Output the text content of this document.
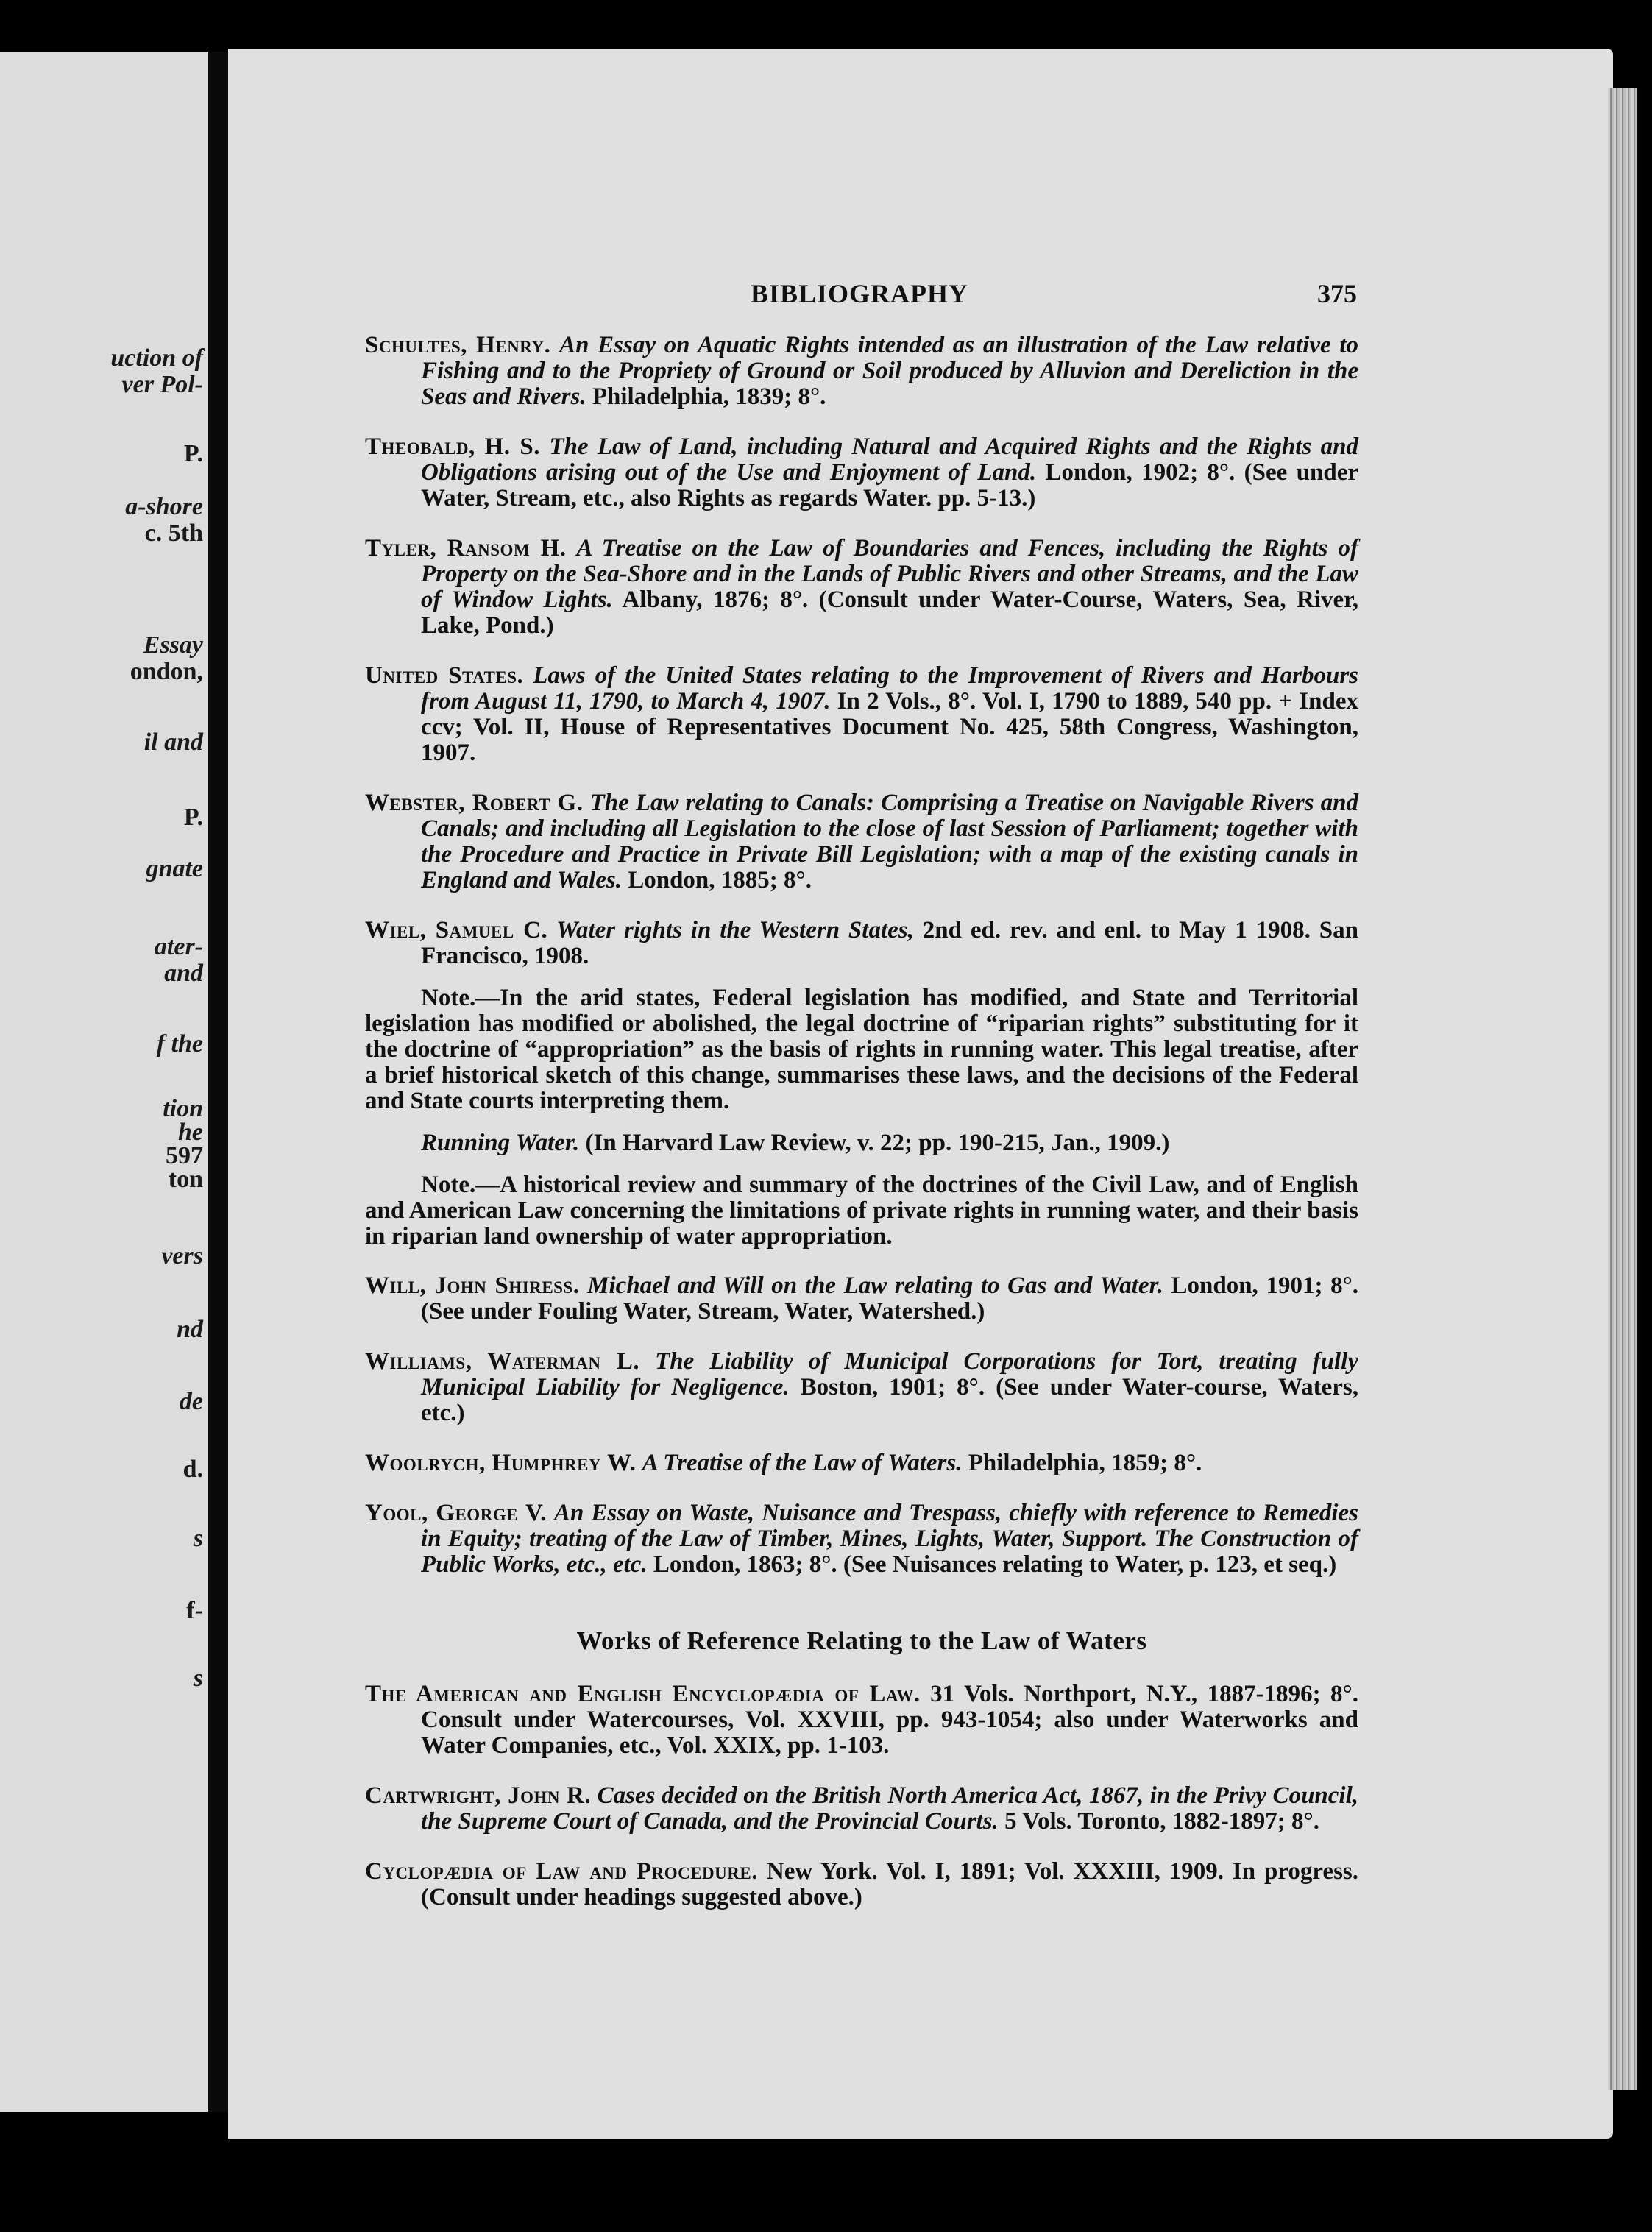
uction of
ver Pol-
P.
a-shore
c. 5th
Essay
ondon,
il and
P.
gnate
ater-
and
f the
tion
he
597
ton
vers
nd
de
d.
s
f-
s
BIBLIOGRAPHY	375

Schultes, Henry. An Essay on Aquatic Rights intended as an illustration of the Law relative to Fishing and to the Propriety of Ground or Soil produced by Alluvion and Dereliction in the Seas and Rivers. Philadelphia, 1839; 8°.

Theobald, H. S. The Law of Land, including Natural and Acquired Rights and the Rights and Obligations arising out of the Use and Enjoyment of Land. London, 1902; 8°. (See under Water, Stream, etc., also Rights as regards Water. pp. 5-13.)

Tyler, Ransom H. A Treatise on the Law of Boundaries and Fences, including the Rights of Property on the Sea-Shore and in the Lands of Public Rivers and other Streams, and the Law of Window Lights. Albany, 1876; 8°. (Consult under Water-Course, Waters, Sea, River, Lake, Pond.)

United States. Laws of the United States relating to the Improvement of Rivers and Harbours from August 11, 1790, to March 4, 1907. In 2 Vols., 8°. Vol. I, 1790 to 1889, 540 pp. + Index ccv; Vol. II, House of Representatives Document No. 425, 58th Congress, Washington, 1907.

Webster, Robert G. The Law relating to Canals: Comprising a Treatise on Navigable Rivers and Canals; and including all Legislation to the close of last Session of Parliament; together with the Procedure and Practice in Private Bill Legislation; with a map of the existing canals in England and Wales. London, 1885; 8°.

Wiel, Samuel C. Water rights in the Western States, 2nd ed. rev. and enl. to May 1 1908. San Francisco, 1908.

Note.—In the arid states, Federal legislation has modified, and State and Territorial legislation has modified or abolished, the legal doctrine of “riparian rights” substituting for it the doctrine of “appropriation” as the basis of rights in running water. This legal treatise, after a brief historical sketch of this change, summarises these laws, and the decisions of the Federal and State courts interpreting them.

Running Water. (In Harvard Law Review, v. 22; pp. 190-215, Jan., 1909.)

Note.—A historical review and summary of the doctrines of the Civil Law, and of English and American Law concerning the limitations of private rights in running water, and their basis in riparian land ownership of water appropriation.

Will, John Shiress. Michael and Will on the Law relating to Gas and Water. London, 1901; 8°. (See under Fouling Water, Stream, Water, Watershed.)

Williams, Waterman L. The Liability of Municipal Corporations for Tort, treating fully Municipal Liability for Negligence. Boston, 1901; 8°. (See under Water-course, Waters, etc.)

Woolrych, Humphrey W. A Treatise of the Law of Waters. Philadelphia, 1859; 8°.

Yool, George V. An Essay on Waste, Nuisance and Trespass, chiefly with reference to Remedies in Equity; treating of the Law of Timber, Mines, Lights, Water, Support. The Construction of Public Works, etc., etc. London, 1863; 8°. (See Nuisances relating to Water, p. 123, et seq.)

Works of Reference Relating to the Law of Waters

The American and English Encyclopædia of Law. 31 Vols. Northport, N.Y., 1887-1896; 8°. Consult under Watercourses, Vol. XXVIII, pp. 943-1054; also under Waterworks and Water Companies, etc., Vol. XXIX, pp. 1-103.

Cartwright, John R. Cases decided on the British North America Act, 1867, in the Privy Council, the Supreme Court of Canada, and the Provincial Courts. 5 Vols. Toronto, 1882-1897; 8°.

Cyclopædia of Law and Procedure. New York. Vol. I, 1891; Vol. XXXIII, 1909. In progress. (Consult under headings suggested above.)
